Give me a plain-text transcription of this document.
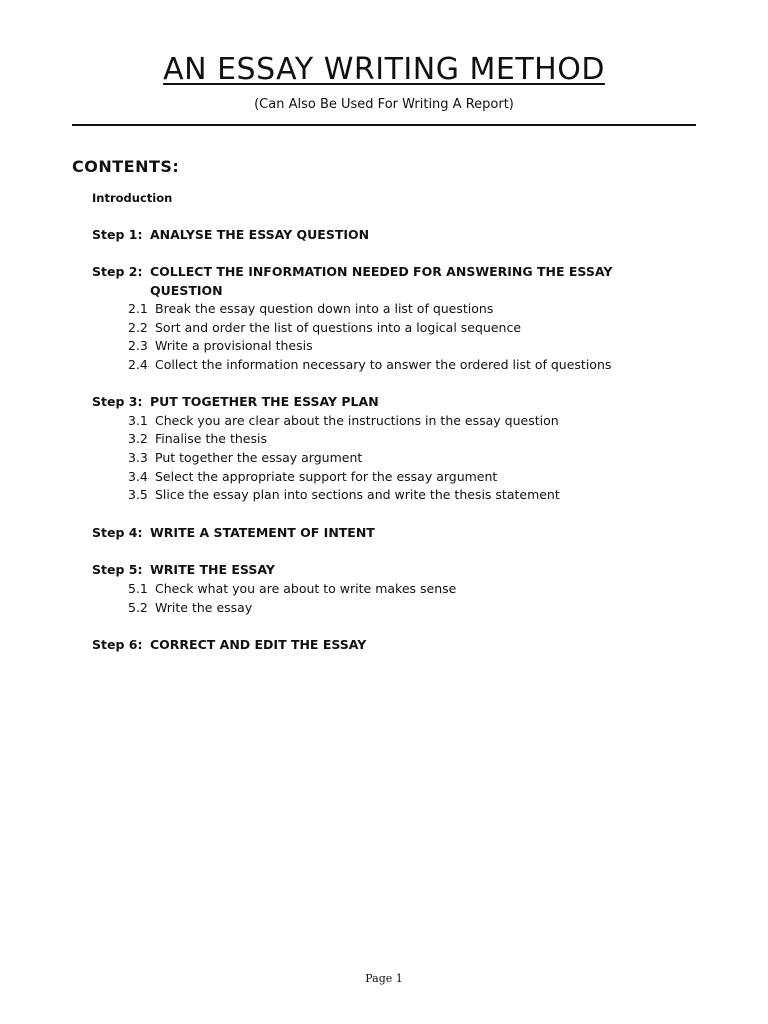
AN ESSAY WRITING METHOD
(Can Also Be Used For Writing A Report)
CONTENTS:
Introduction
Step 1: ANALYSE THE ESSAY QUESTION
Step 2: COLLECT THE INFORMATION NEEDED FOR ANSWERING THE ESSAY
QUESTION
2.1 Break the essay question down into a list of questions
2.2 Sort and order the list of questions into a logical sequence
2.3 Write a provisional thesis
2.4 Collect the information necessary to answer the ordered list of questions
Step 3: PUT TOGETHER THE ESSAY PLAN
3.1 Check you are clear about the instructions in the essay question
3.2 Finalise the thesis
3.3 Put together the essay argument
3.4 Select the appropriate support for the essay argument
3.5 Slice the essay plan into sections and write the thesis statement
Step 4: WRITE A STATEMENT OF INTENT
Step 5: WRITE THE ESSAY
5.1 Check what you are about to write makes sense
5.2 Write the essay
Step 6: CORRECT AND EDIT THE ESSAY
Page 1
